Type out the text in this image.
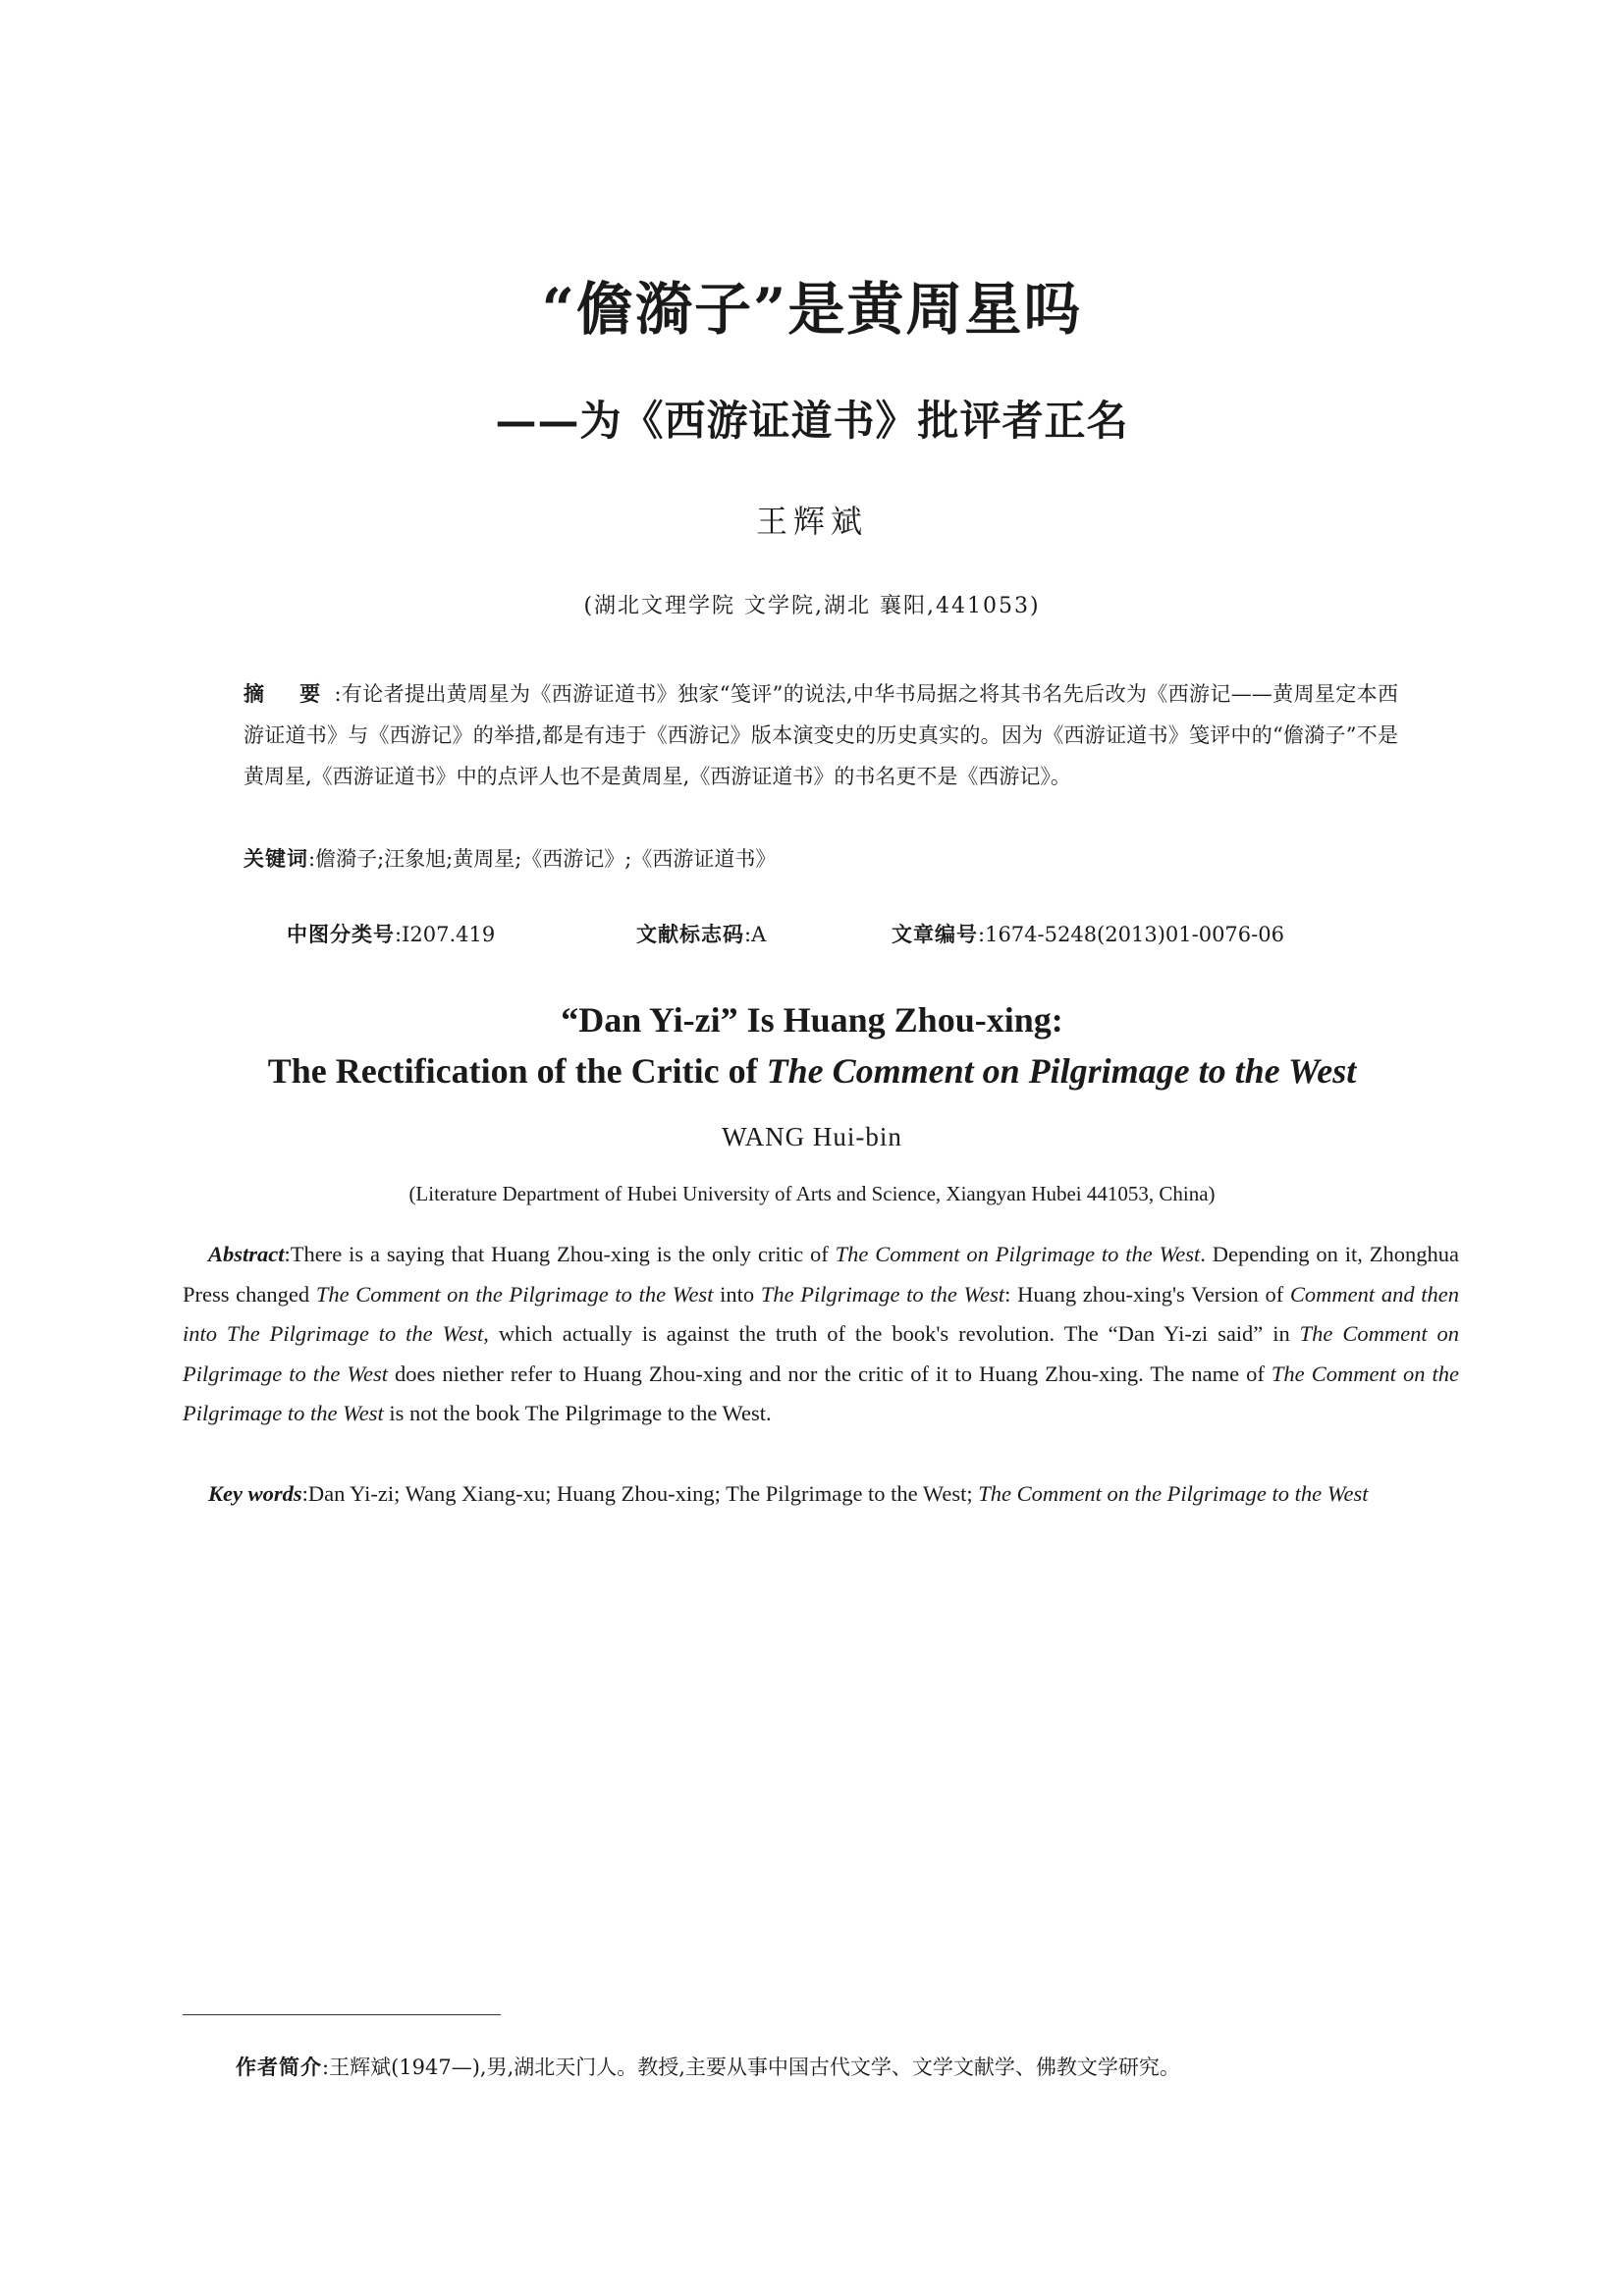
“儋漪子”是黄周星吗
——为《西游证道书》批评者正名
王辉斌
(湖北文理学院 文学院,湖北 襄阳,441053)
摘 要:有论者提出黄周星为《西游证道书》独家“笺评”的说法,中华书局据之将其书名先后改为《西游记——黄周星定本西游证道书》与《西游记》的举措,都是有违于《西游记》版本演变史的历史真实的。因为《西游证道书》笺评中的“儋漪子”不是黄周星,《西游证道书》中的点评人也不是黄周星,《西游证道书》的书名更不是《西游记》。
关键词:儋漪子;汪象旭;黄周星;《西游记》;《西游证道书》
中图分类号:I207.419	文献标志码:A	文章编号:1674-5248(2013)01-0076-06
“Dan Yi-zi” Is Huang Zhou-xing:
The Rectification of the Critic of The Comment on Pilgrimage to the West
WANG Hui-bin
(Literature Department of Hubei University of Arts and Science, Xiangyan Hubei 441053, China)
Abstract:There is a saying that Huang Zhou-xing is the only critic of The Comment on Pilgrimage to the West. Depending on it, Zhonghua Press changed The Comment on the Pilgrimage to the West into The Pilgrimage to the West: Huang zhou-xing's Version of Comment and then into The Pilgrimage to the West, which actually is against the truth of the book's revolution. The “Dan Yi-zi said” in The Comment on Pilgrimage to the West does niether refer to Huang Zhou-xing and nor the critic of it to Huang Zhou-xing. The name of The Comment on the Pilgrimage to the West is not the book The Pilgrimage to the West.
Key words:Dan Yi-zi; Wang Xiang-xu; Huang Zhou-xing; The Pilgrimage to the West; The Comment on the Pilgrimage to the West
作者简介:王辉斌(1947—),男,湖北天门人。教授,主要从事中国古代文学、文学文献学、佛教文学研究。
